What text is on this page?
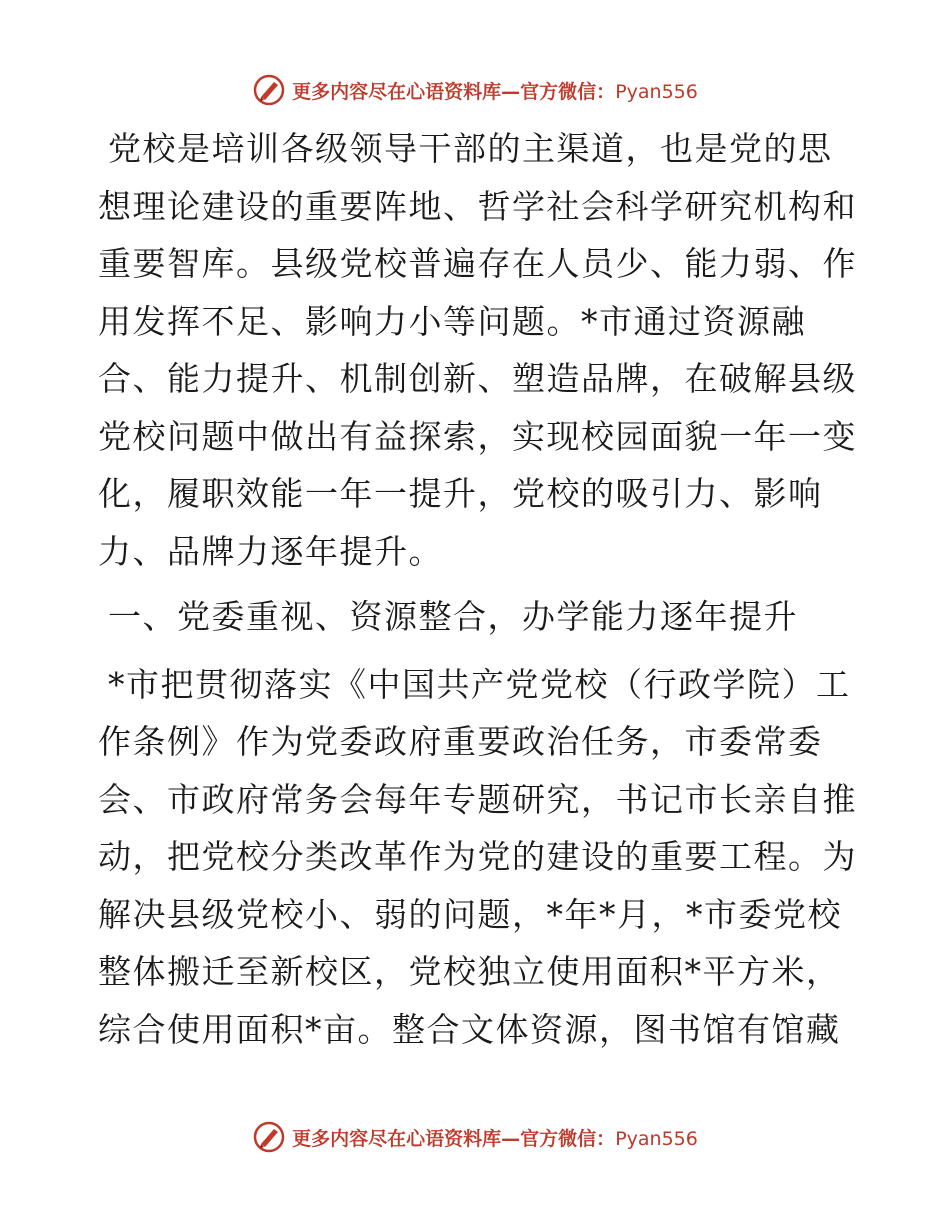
更多内容尽在心语资料库—官方微信：Pyan556

党校是培训各级领导干部的主渠道，也是党的思想理论建设的重要阵地、哲学社会科学研究机构和重要智库。县级党校普遍存在人员少、能力弱、作用发挥不足、影响力小等问题。*市通过资源融合、能力提升、机制创新、塑造品牌，在破解县级党校问题中做出有益探索，实现校园面貌一年一变化，履职效能一年一提升，党校的吸引力、影响力、品牌力逐年提升。

一、党委重视、资源整合，办学能力逐年提升

*市把贯彻落实《中国共产党党校（行政学院）工作条例》作为党委政府重要政治任务，市委常委会、市政府常务会每年专题研究，书记市长亲自推动，把党校分类改革作为党的建设的重要工程。为解决县级党校小、弱的问题，*年*月，*市委党校整体搬迁至新校区，党校独立使用面积*平方米，综合使用面积*亩。整合文体资源，图书馆有馆藏

更多内容尽在心语资料库—官方微信：Pyan556
